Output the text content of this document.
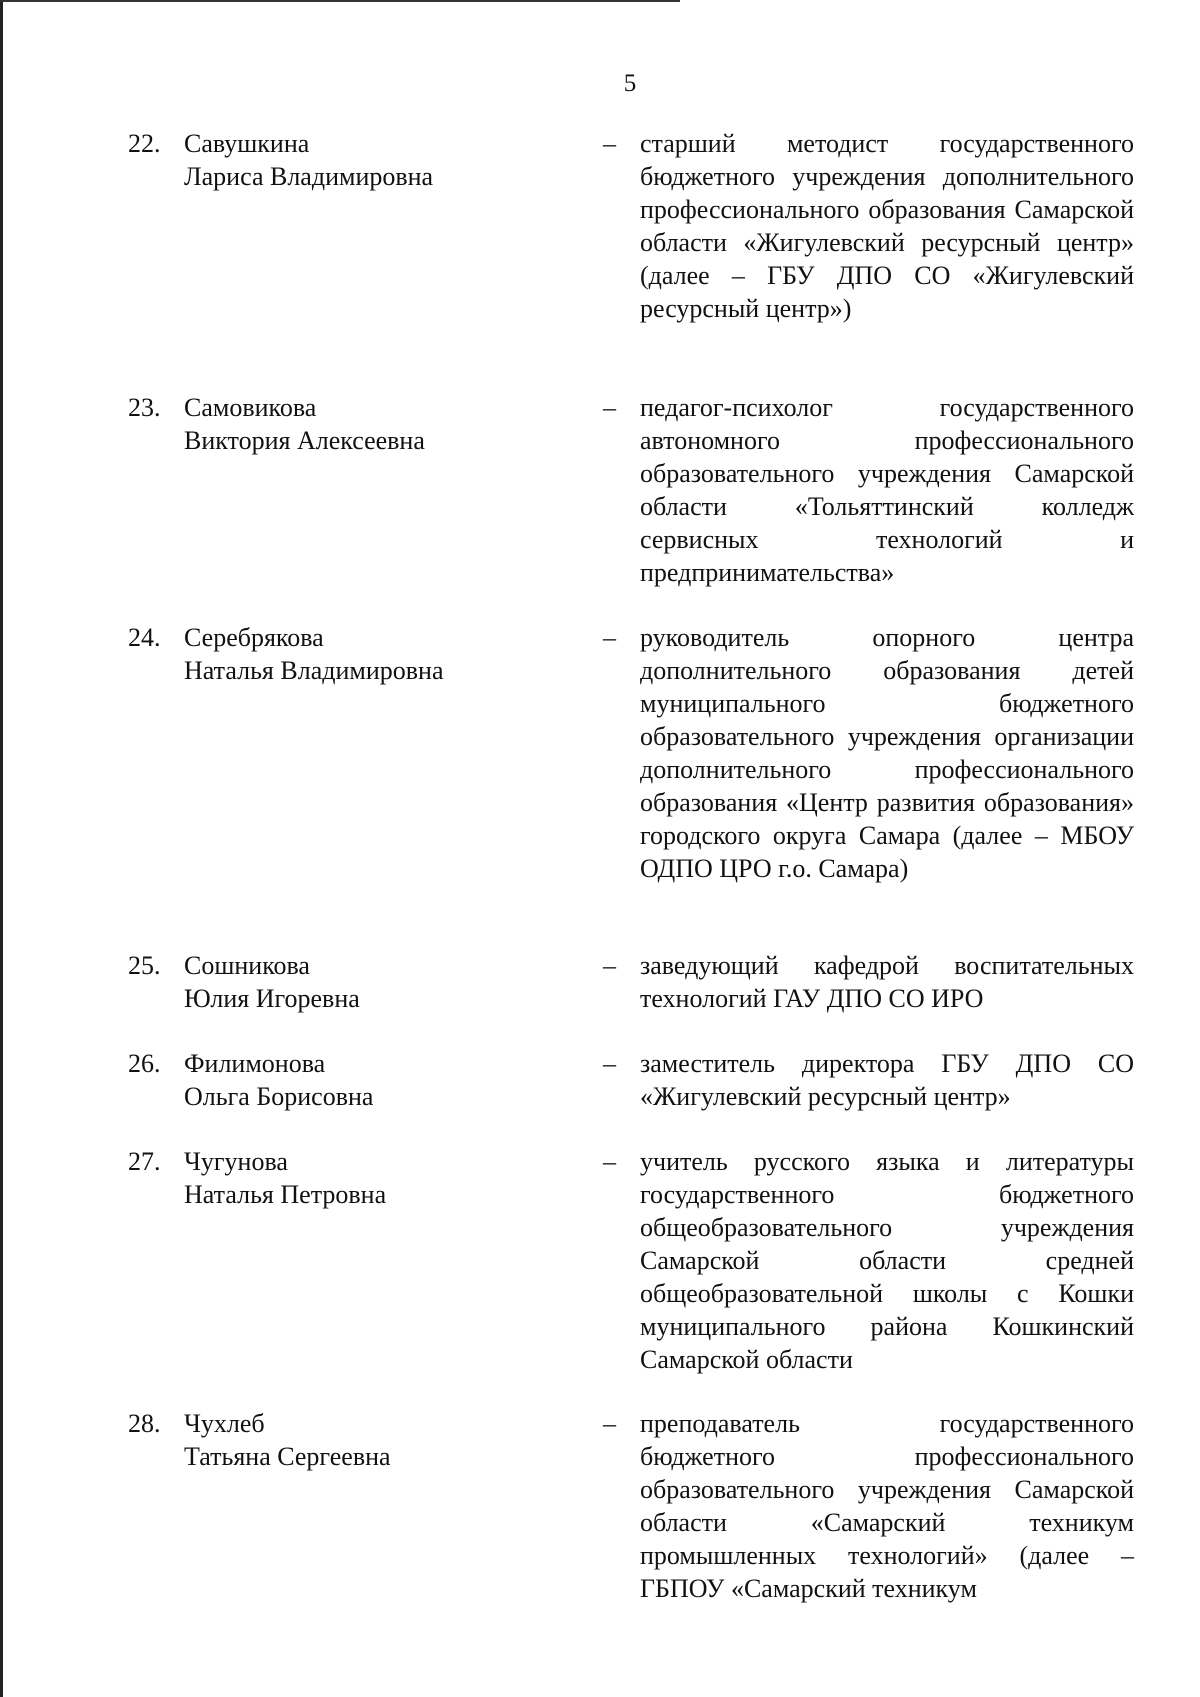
5
22. Савушкина
Лариса Владимировна
– старший методист государственного бюджетного учреждения дополнительного профессионального образования Самарской области «Жигулевский ресурсный центр» (далее – ГБУ ДПО СО «Жигулевский ресурсный центр»)
23. Самовикова
Виктория Алексеевна
– педагог-психолог государственного автономного профессионального образовательного учреждения Самарской области «Тольяттинский колледж сервисных технологий и предпринимательства»
24. Серебрякова
Наталья Владимировна
– руководитель опорного центра дополнительного образования детей муниципального бюджетного образовательного учреждения организации дополнительного профессионального образования «Центр развития образования» городского округа Самара (далее – МБОУ ОДПО ЦРО г.о. Самара)
25. Сошникова
Юлия Игоревна
– заведующий кафедрой воспитательных технологий ГАУ ДПО СО ИРО
26. Филимонова
Ольга Борисовна
– заместитель директора ГБУ ДПО СО «Жигулевский ресурсный центр»
27. Чугунова
Наталья Петровна
– учитель русского языка и литературы государственного бюджетного общеобразовательного учреждения Самарской области средней общеобразовательной школы с Кошки муниципального района Кошкинский Самарской области
28. Чухлеб
Татьяна Сергеевна
– преподаватель государственного бюджетного профессионального образовательного учреждения Самарской области «Самарский техникум промышленных технологий» (далее – ГБПОУ «Самарский техникум
